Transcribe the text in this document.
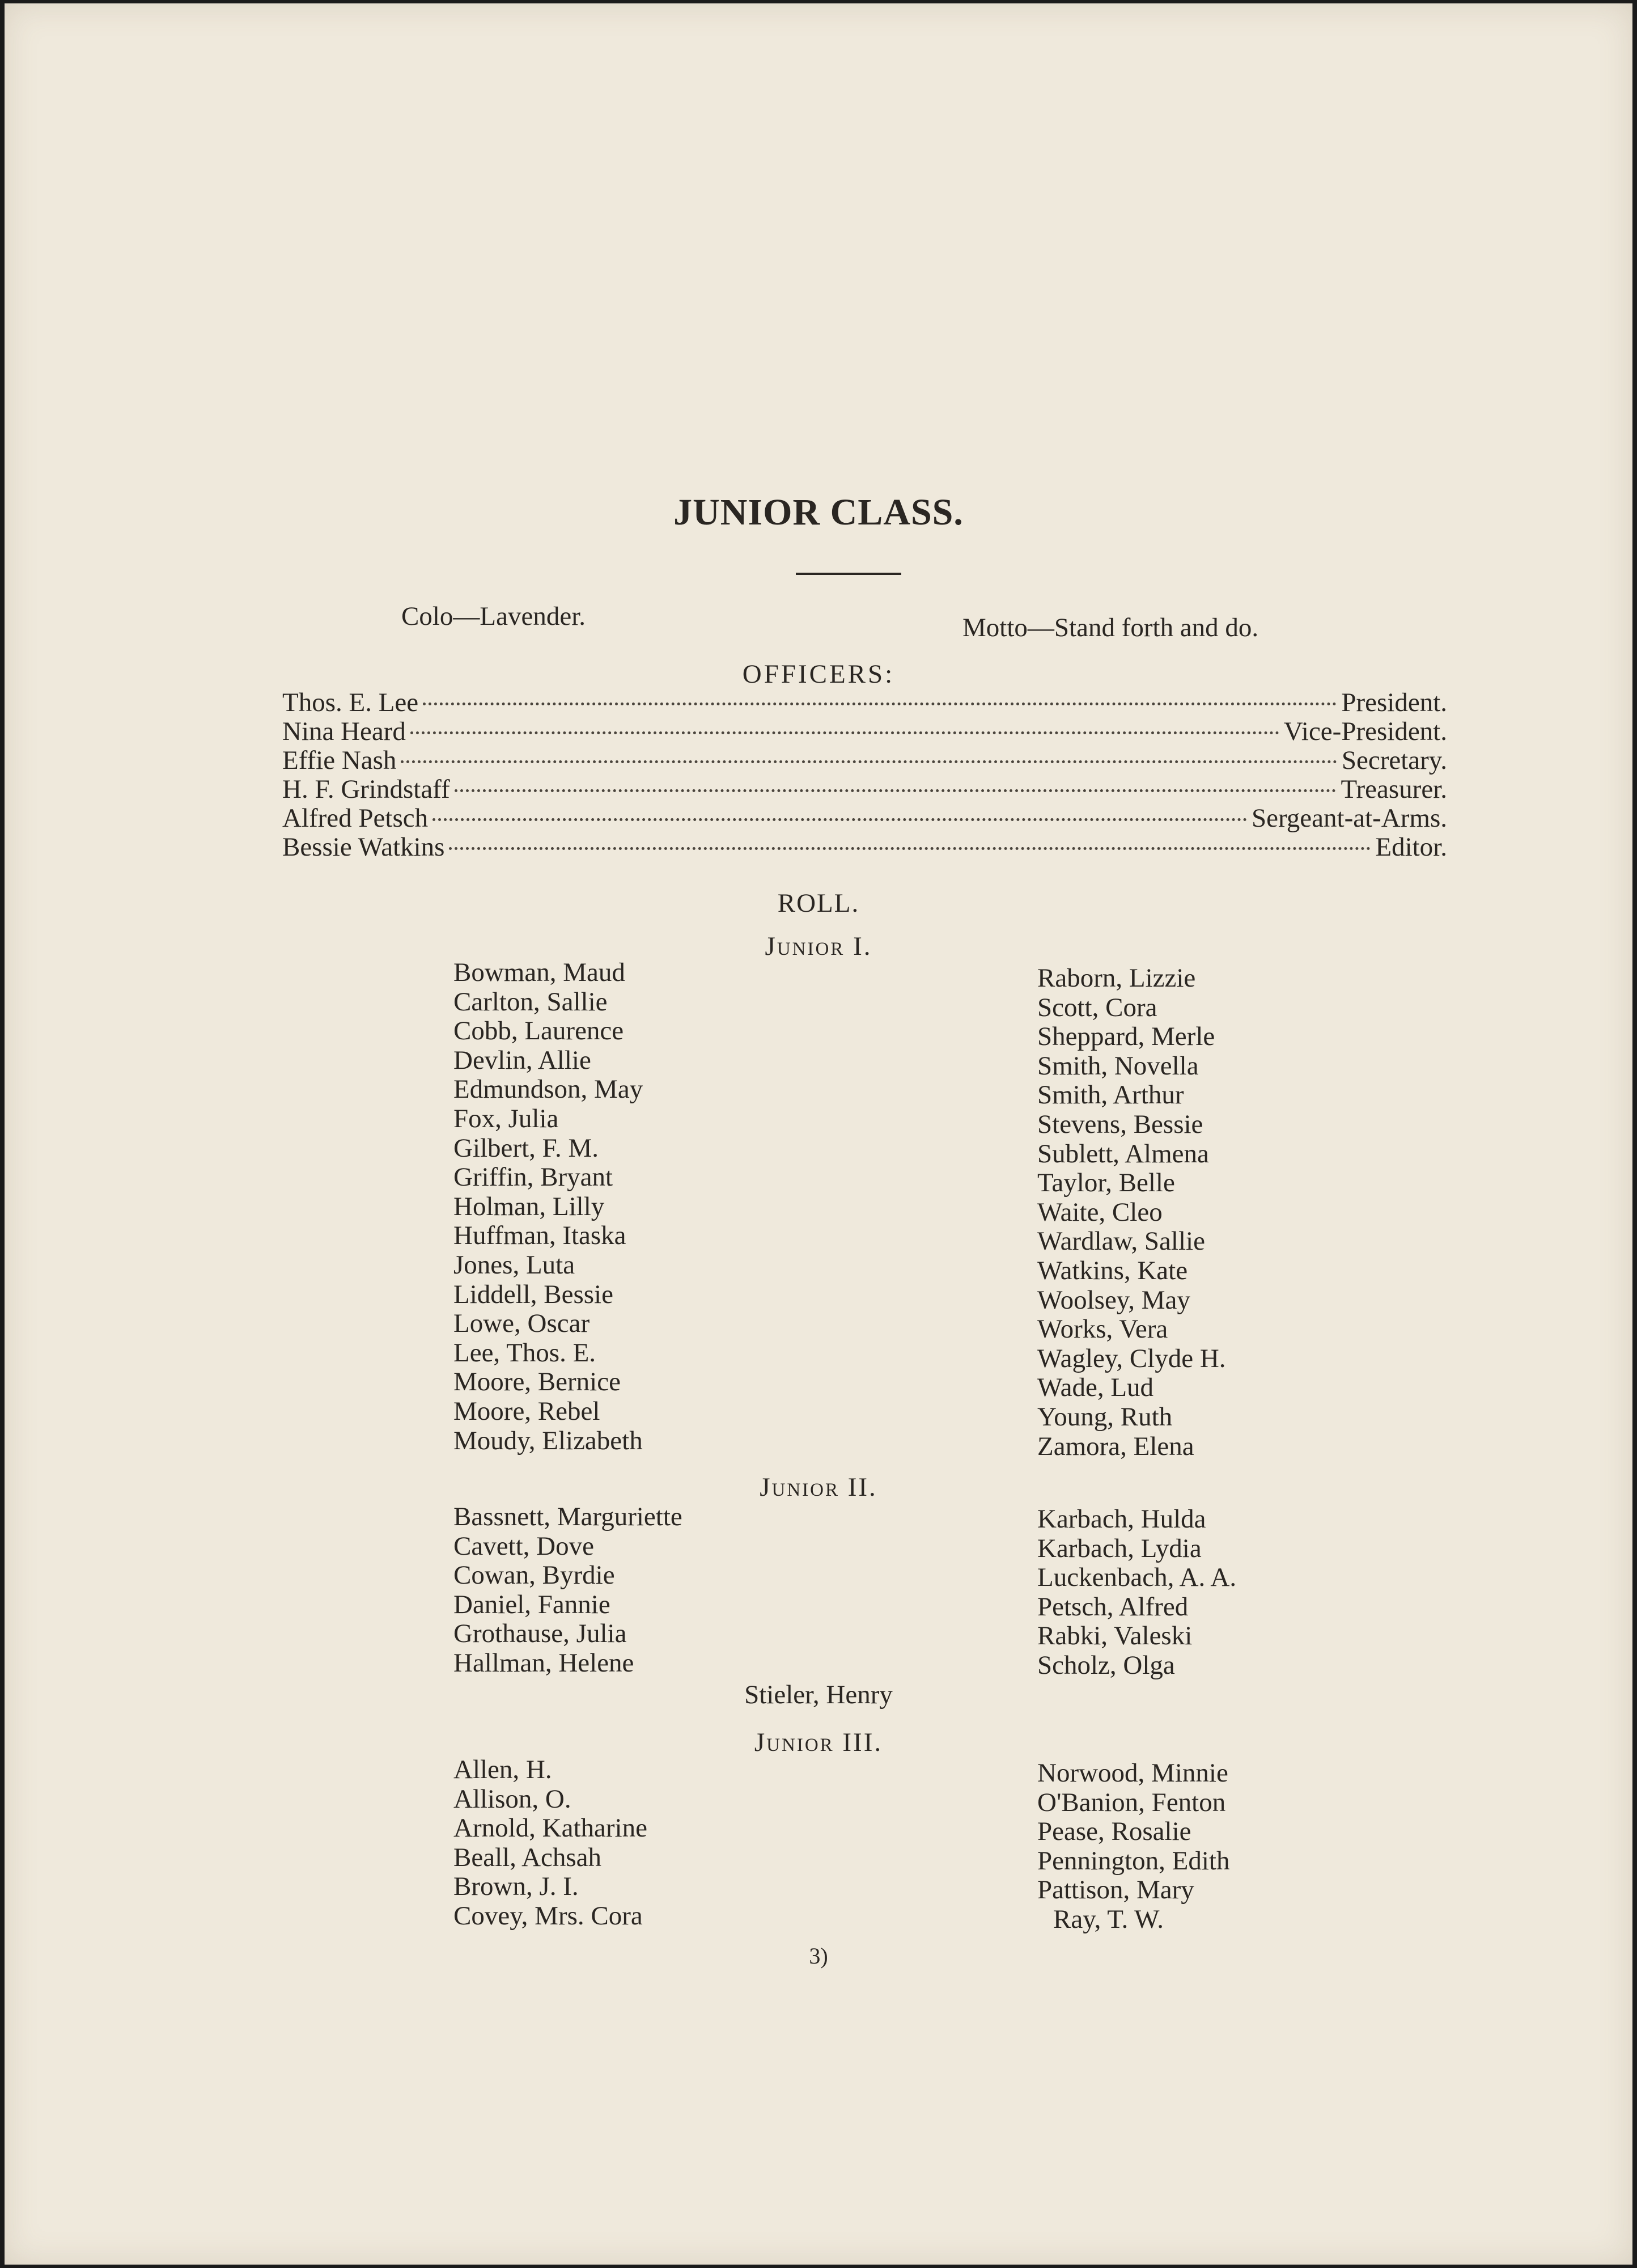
JUNIOR CLASS.
Colo—Lavender.	Motto—Stand forth and do.
OFFICERS:
Thos. E. Lee	President.
Nina Heard	Vice-President.
Effie Nash	Secretary.
H. F. Grindstaff	Treasurer.
Alfred Petsch	Sergeant-at-Arms.
Bessie Watkins	Editor.
ROLL.
Junior I.
Bowman, Maud
Carlton, Sallie
Cobb, Laurence
Devlin, Allie
Edmundson, May
Fox, Julia
Gilbert, F. M.
Griffin, Bryant
Holman, Lilly
Huffman, Itaska
Jones, Luta
Liddell, Bessie
Lowe, Oscar
Lee, Thos. E.
Moore, Bernice
Moore, Rebel
Moudy, Elizabeth
Raborn, Lizzie
Scott, Cora
Sheppard, Merle
Smith, Novella
Smith, Arthur
Stevens, Bessie
Sublett, Almena
Taylor, Belle
Waite, Cleo
Wardlaw, Sallie
Watkins, Kate
Woolsey, May
Works, Vera
Wagley, Clyde H.
Wade, Lud
Young, Ruth
Zamora, Elena
Junior II.
Bassnett, Marguriette
Cavett, Dove
Cowan, Byrdie
Daniel, Fannie
Grothause, Julia
Hallman, Helene
Karbach, Hulda
Karbach, Lydia
Luckenbach, A. A.
Petsch, Alfred
Rabki, Valeski
Scholz, Olga
Stieler, Henry
Junior III.
Allen, H.
Allison, O.
Arnold, Katharine
Beall, Achsah
Brown, J. I.
Covey, Mrs. Cora
Norwood, Minnie
O'Banion, Fenton
Pease, Rosalie
Pennington, Edith
Pattison, Mary
Ray, T. W.
3)
